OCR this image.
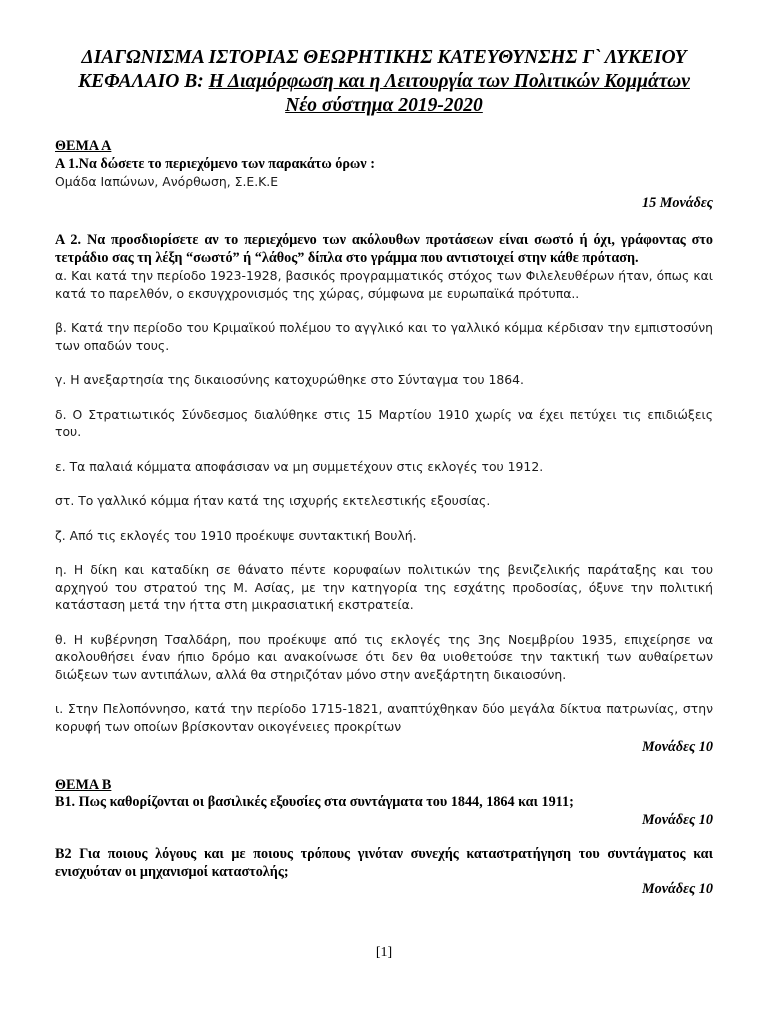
ΔΙΑΓΩΝΙΣΜΑ ΙΣΤΟΡΙΑΣ ΘΕΩΡΗΤΙΚΗΣ ΚΑΤΕΥΘΥΝΣΗΣ Γ` ΛΥΚΕΙΟΥ
ΚΕΦΑΛΑΙΟ Β: Η Διαμόρφωση και η Λειτουργία των Πολιτικών Κομμάτων
Νέο σύστημα 2019-2020
ΘΕΜΑ Α
Α 1.Να δώσετε το περιεχόμενο των παρακάτω όρων :
Ομάδα Ιαπώνων, Ανόρθωση, Σ.Ε.Κ.Ε
15 Μονάδες
Α 2. Να προσδιορίσετε αν το περιεχόμενο των ακόλουθων προτάσεων είναι σωστό ή όχι, γράφοντας στο τετράδιο σας τη λέξη “σωστό” ή “λάθος” δίπλα στο γράμμα που αντιστοιχεί στην κάθε πρόταση.
α. Και κατά την περίοδο 1923-1928, βασικός προγραμματικός στόχος των Φιλελευθέρων ήταν, όπως και κατά το παρελθόν, ο εκσυγχρονισμός της χώρας, σύμφωνα με ευρωπαϊκά πρότυπα..
β. Κατά την περίοδο του Κριμαϊκού πολέμου το αγγλικό και το γαλλικό κόμμα κέρδισαν την εμπιστοσύνη των οπαδών τους.
γ. Η ανεξαρτησία της δικαιοσύνης κατοχυρώθηκε στο Σύνταγμα του 1864.
δ. Ο Στρατιωτικός Σύνδεσμος διαλύθηκε στις 15 Μαρτίου 1910 χωρίς να έχει πετύχει τις επιδιώξεις του.
ε. Τα παλαιά κόμματα αποφάσισαν να μη συμμετέχουν στις εκλογές του 1912.
στ. Το γαλλικό κόμμα ήταν κατά της ισχυρής εκτελεστικής εξουσίας.
ζ. Από τις εκλογές του 1910 προέκυψε συντακτική Βουλή.
η. Η δίκη και καταδίκη σε θάνατο πέντε κορυφαίων πολιτικών της βενιζελικής παράταξης και του αρχηγού του στρατού της Μ. Ασίας, με την κατηγορία της εσχάτης προδοσίας, όξυνε την πολιτική κατάσταση μετά την ήττα στη μικρασιατική εκστρατεία.
θ. Η κυβέρνηση Τσαλδάρη, που προέκυψε από τις εκλογές της 3ης Νοεμβρίου 1935, επιχείρησε να ακολουθήσει έναν ήπιο δρόμο και ανακοίνωσε ότι δεν θα υιοθετούσε την τακτική των αυθαίρετων διώξεων των αντιπάλων, αλλά θα στηριζόταν μόνο στην ανεξάρτητη δικαιοσύνη.
ι. Στην Πελοπόννησο, κατά την περίοδο 1715-1821, αναπτύχθηκαν δύο μεγάλα δίκτυα πατρωνίας, στην κορυφή των οποίων βρίσκονταν οικογένειες προκρίτων
Μονάδες 10
ΘΕΜΑ Β
Β1. Πως καθορίζονται οι βασιλικές εξουσίες στα συντάγματα του 1844, 1864 και 1911;
Μονάδες 10
Β2 Για ποιους λόγους και με ποιους τρόπους γινόταν συνεχής καταστρατήγηση του συντάγματος και ενισχυόταν οι μηχανισμοί καταστολής;
Μονάδες 10
[1]
